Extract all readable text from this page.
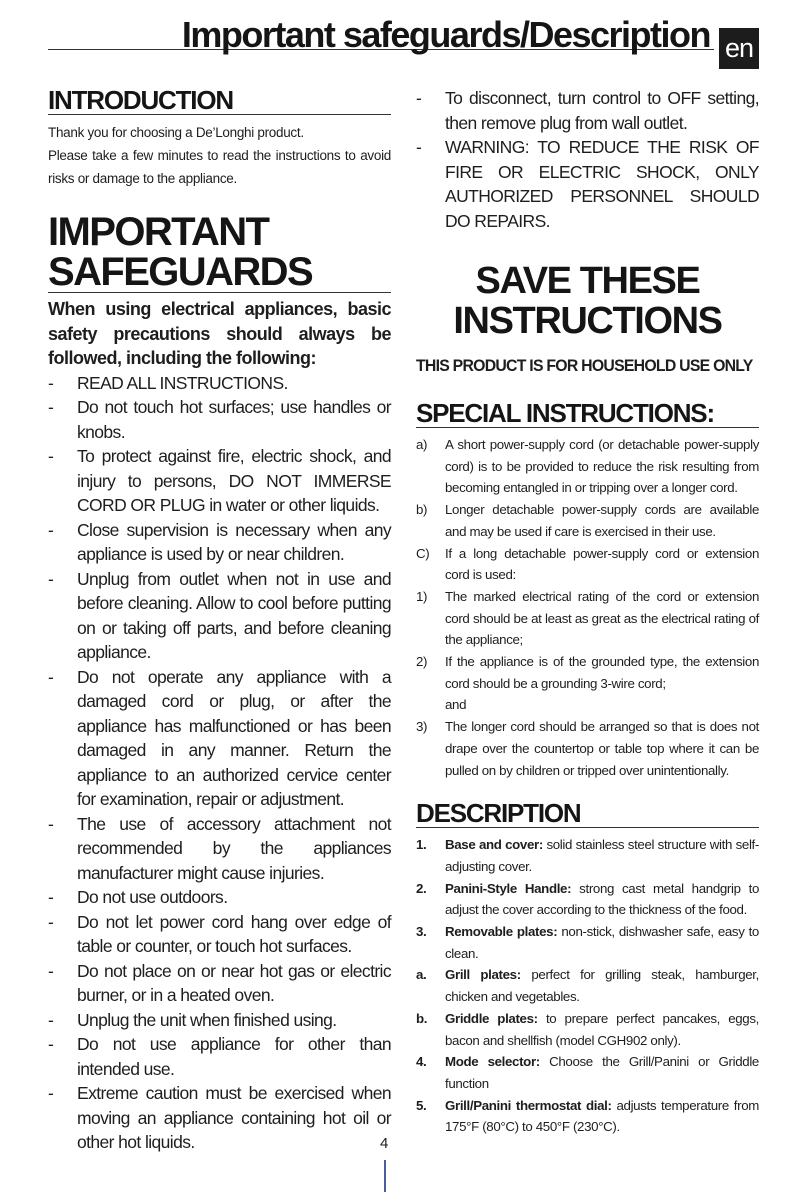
Important safeguards/Description en
INTRODUCTION

Thank you for choosing a De’Longhi product.

Please take a few minutes to read the instructions to avoid risks or damage to the appliance.

IMPORTANT
SAFEGUARDS

When using electrical appliances, basic safety precautions should always be followed, including the following:

- READ ALL INSTRUCTIONS.
- Do not touch hot surfaces; use handles or knobs.
- To protect against fire, electric shock, and injury to persons, DO NOT IMMERSE CORD OR PLUG in water or other liquids.
- Close supervision is necessary when any appliance is used by or near children.
- Unplug from outlet when not in use and before cleaning. Allow to cool before putting on or taking off parts, and before cleaning appliance.
- Do not operate any appliance with a damaged cord or plug, or after the appliance has malfunctioned or has been damaged in any manner. Return the appliance to an authorized cervice center for examination, repair or adjustment.
- The use of accessory attachment not recommended by the appliances manufacturer might cause injuries.
- Do not use outdoors.
- Do not let power cord hang over edge of table or counter, or touch hot surfaces.
- Do not place on or near hot gas or electric burner, or in a heated oven.
- Unplug the unit when finished using.
- Do not use appliance for other than intended use.
- Extreme caution must be exercised when moving an appliance containing hot oil or other hot liquids.
- To disconnect, turn control to OFF setting, then remove plug from wall outlet.
- WARNING: TO REDUCE THE RISK OF FIRE OR ELECTRIC SHOCK, ONLY AUTHORIZED PERSONNEL SHOULD DO REPAIRS.
SAVE THESE
INSTRUCTIONS
THIS PRODUCT IS FOR HOUSEHOLD USE ONLY
SPECIAL INSTRUCTIONS:
a) A short power-supply cord (or detachable power-supply cord) is to be provided to reduce the risk resulting from becoming entangled in or tripping over a longer cord.
b) Longer detachable power-supply cords are available and may be used if care is exercised in their use.
C) If a long detachable power-supply cord or extension cord is used:
1) The marked electrical rating of the cord or extension cord should be at least as great as the electrical rating of the appliance;
2) If the appliance is of the grounded type, the extension cord should be a grounding 3-wire cord;
and
3) The longer cord should be arranged so that is does not drape over the countertop or table top where it can be pulled on by children or tripped over unintentionally.
DESCRIPTION
1. Base and cover: solid stainless steel structure with self-adjusting cover.
2. Panini-Style Handle: strong cast metal handgrip to adjust the cover according to the thickness of the food.
3. Removable plates: non-stick, dishwasher safe, easy to clean.
a. Grill plates: perfect for grilling steak, hamburger, chicken and vegetables.
b. Griddle plates: to prepare perfect pancakes, eggs, bacon and shellfish (model CGH902 only).
4. Mode selector: Choose the Grill/Panini or Griddle function
5. Grill/Panini thermostat dial: adjusts temperature from 175°F (80°C) to 450°F (230°C).
4
